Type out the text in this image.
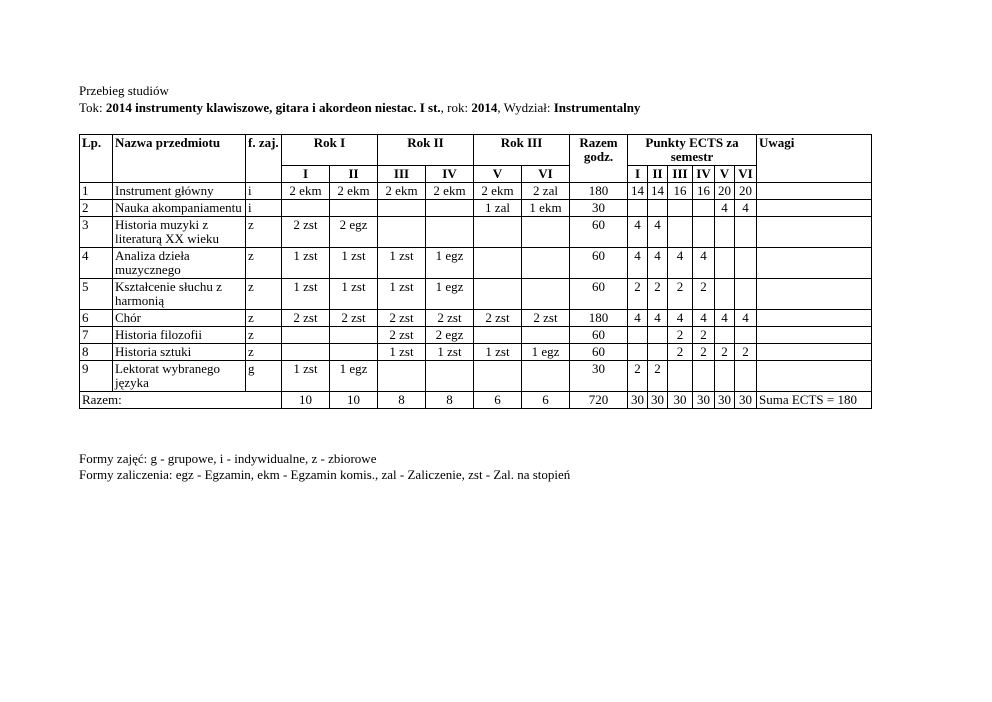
Przebieg studiów
Tok: 2014 instrumenty klawiszowe, gitara i akordeon niestac. I st., rok: 2014, Wydział: Instrumentalny
Lp.	Nazwa przedmiotu	f. zaj.	Rok I		Rok II		Rok III		Razem godz.	Punkty ECTS za semestr						Uwagi
			I	II	III	IV	V	VI		I	II	III	IV	V	VI	
1	Instrument główny	i	2 ekm	2 ekm	2 ekm	2 ekm	2 ekm	2 zal	180	14	14	16	16	20	20	
2	Nauka akompaniamentu	i					1 zal	1 ekm	30					4	4	
3	Historia muzyki z literaturą XX wieku	z	2 zst	2 egz					60	4	4					
4	Analiza dzieła muzycznego	z	1 zst	1 zst	1 zst	1 egz			60	4	4	4	4			
5	Kształcenie słuchu z harmonią	z	1 zst	1 zst	1 zst	1 egz			60	2	2	2	2			
6	Chór	z	2 zst	2 zst	2 zst	2 zst	2 zst	2 zst	180	4	4	4	4	4	4	
7	Historia filozofii	z			2 zst	2 egz			60			2	2			
8	Historia sztuki	z			1 zst	1 zst	1 zst	1 egz	60			2	2	2	2	
9	Lektorat wybranego języka	g	1 zst	1 egz					30	2	2					
Razem:			10	10	8	8	6	6	720	30	30	30	30	30	30	Suma ECTS = 180
Formy zajęć: g - grupowe, i - indywidualne, z - zbiorowe
Formy zaliczenia: egz - Egzamin, ekm - Egzamin komis., zal - Zaliczenie, zst - Zal. na stopień
